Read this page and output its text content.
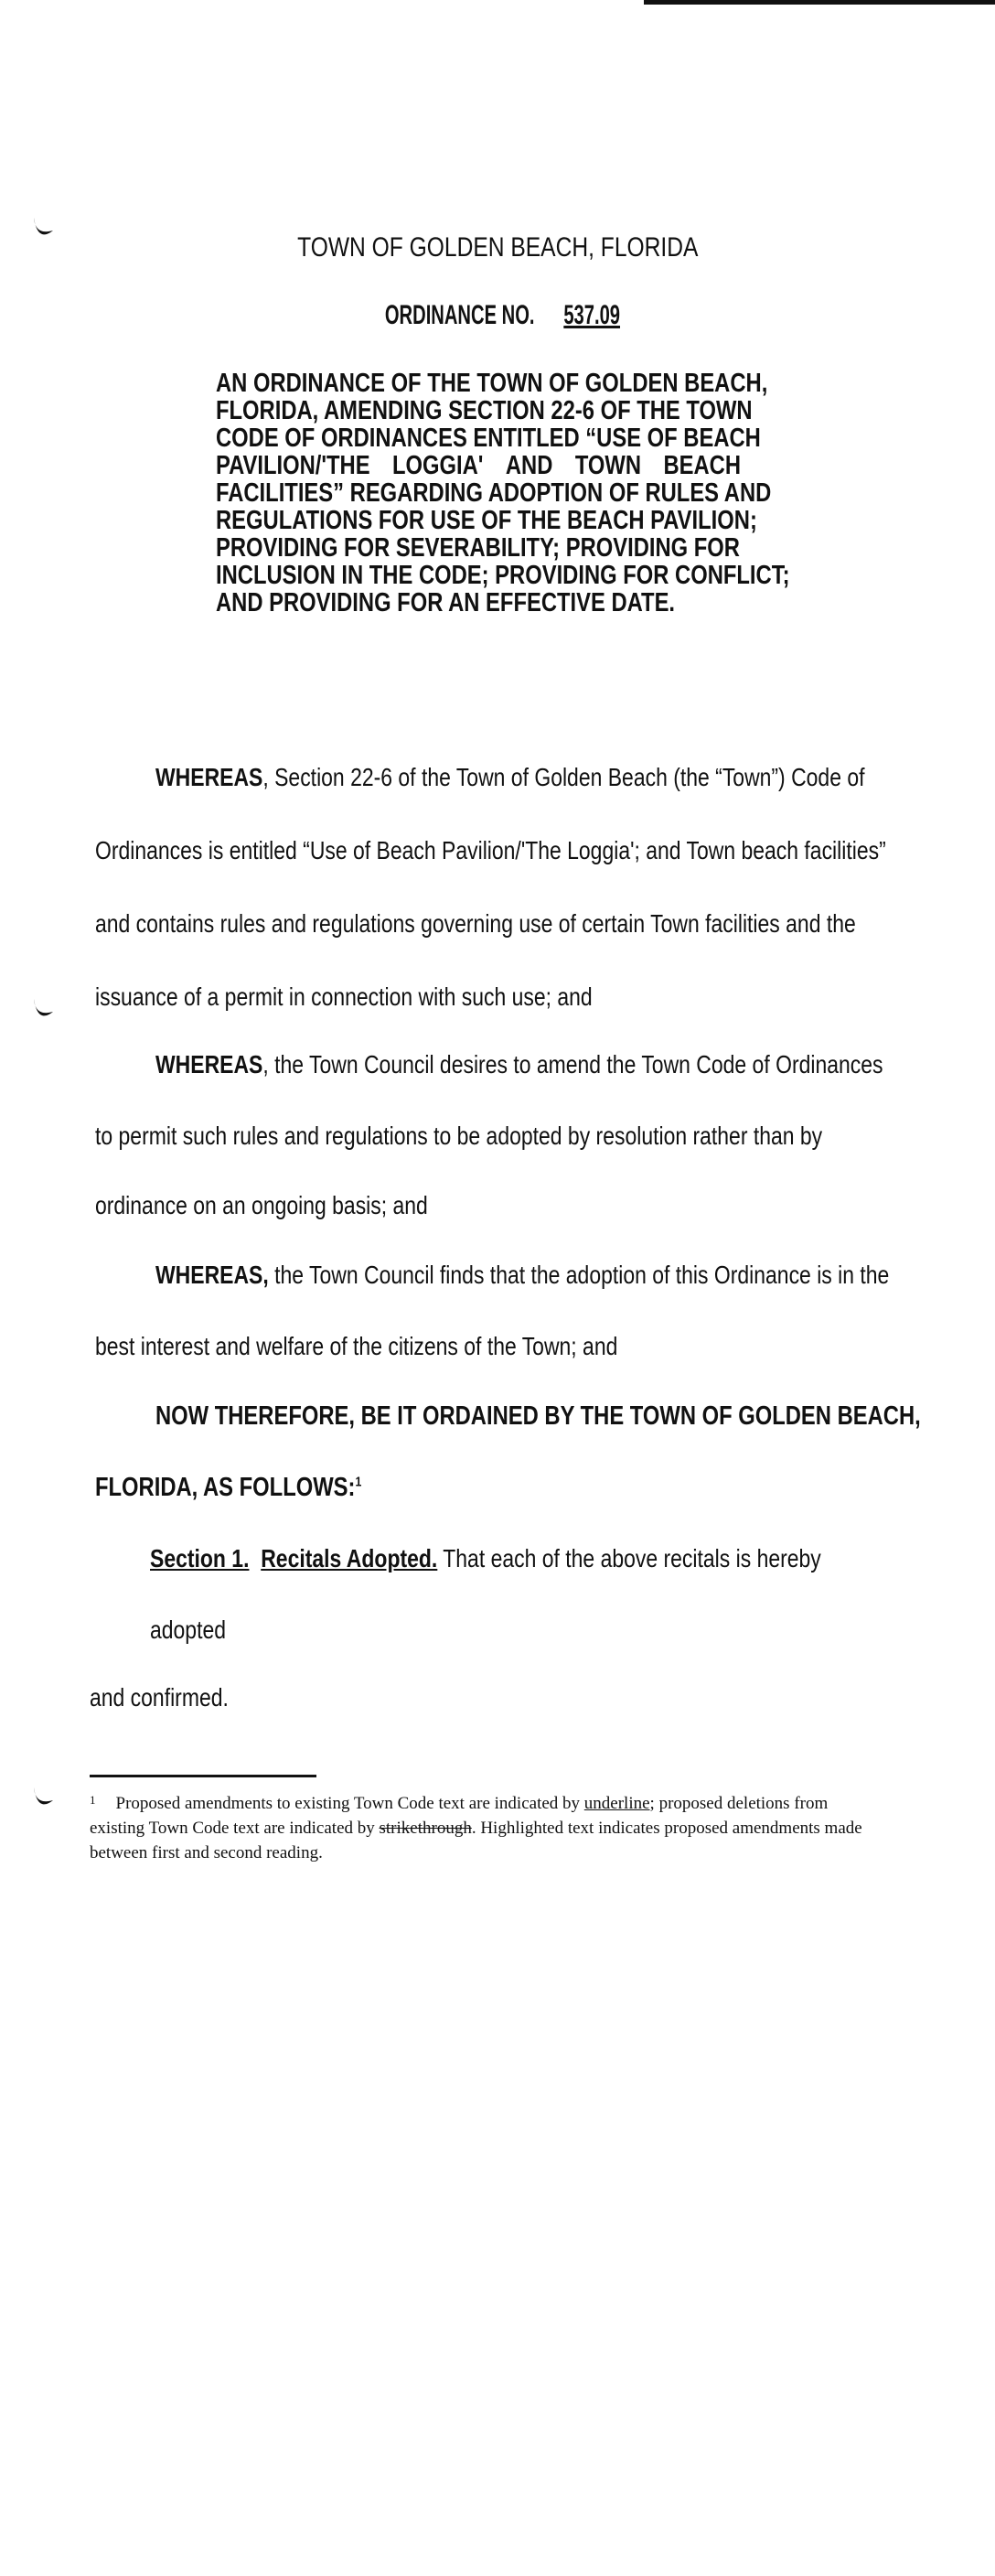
TOWN OF GOLDEN BEACH, FLORIDA
ORDINANCE NO. 537.09
AN ORDINANCE OF THE TOWN OF GOLDEN BEACH,
FLORIDA, AMENDING SECTION 22-6 OF THE TOWN
CODE OF ORDINANCES ENTITLED “USE OF BEACH
PAVILION/'THE LOGGIA' AND TOWN BEACH
FACILITIES” REGARDING ADOPTION OF RULES AND
REGULATIONS FOR USE OF THE BEACH PAVILION;
PROVIDING FOR SEVERABILITY; PROVIDING FOR
INCLUSION IN THE CODE; PROVIDING FOR CONFLICT;
AND PROVIDING FOR AN EFFECTIVE DATE.
WHEREAS, Section 22-6 of the Town of Golden Beach (the “Town”) Code of
Ordinances is entitled “Use of Beach Pavilion/'The Loggia'; and Town beach facilities”
and contains rules and regulations governing use of certain Town facilities and the
issuance of a permit in connection with such use; and
WHEREAS, the Town Council desires to amend the Town Code of Ordinances
to permit such rules and regulations to be adopted by resolution rather than by
ordinance on an ongoing basis; and
WHEREAS, the Town Council finds that the adoption of this Ordinance is in the
best interest and welfare of the citizens of the Town; and
NOW THEREFORE, BE IT ORDAINED BY THE TOWN OF GOLDEN BEACH,
FLORIDA, AS FOLLOWS:$^1$
Section 1. Recitals Adopted. That each of the above recitals is hereby
adopted
and confirmed.
$^1$ Proposed amendments to existing Town Code text are indicated by underline; proposed deletions from
existing Town Code text are indicated by strikethrough. Highlighted text indicates proposed amendments made
between first and second reading.
